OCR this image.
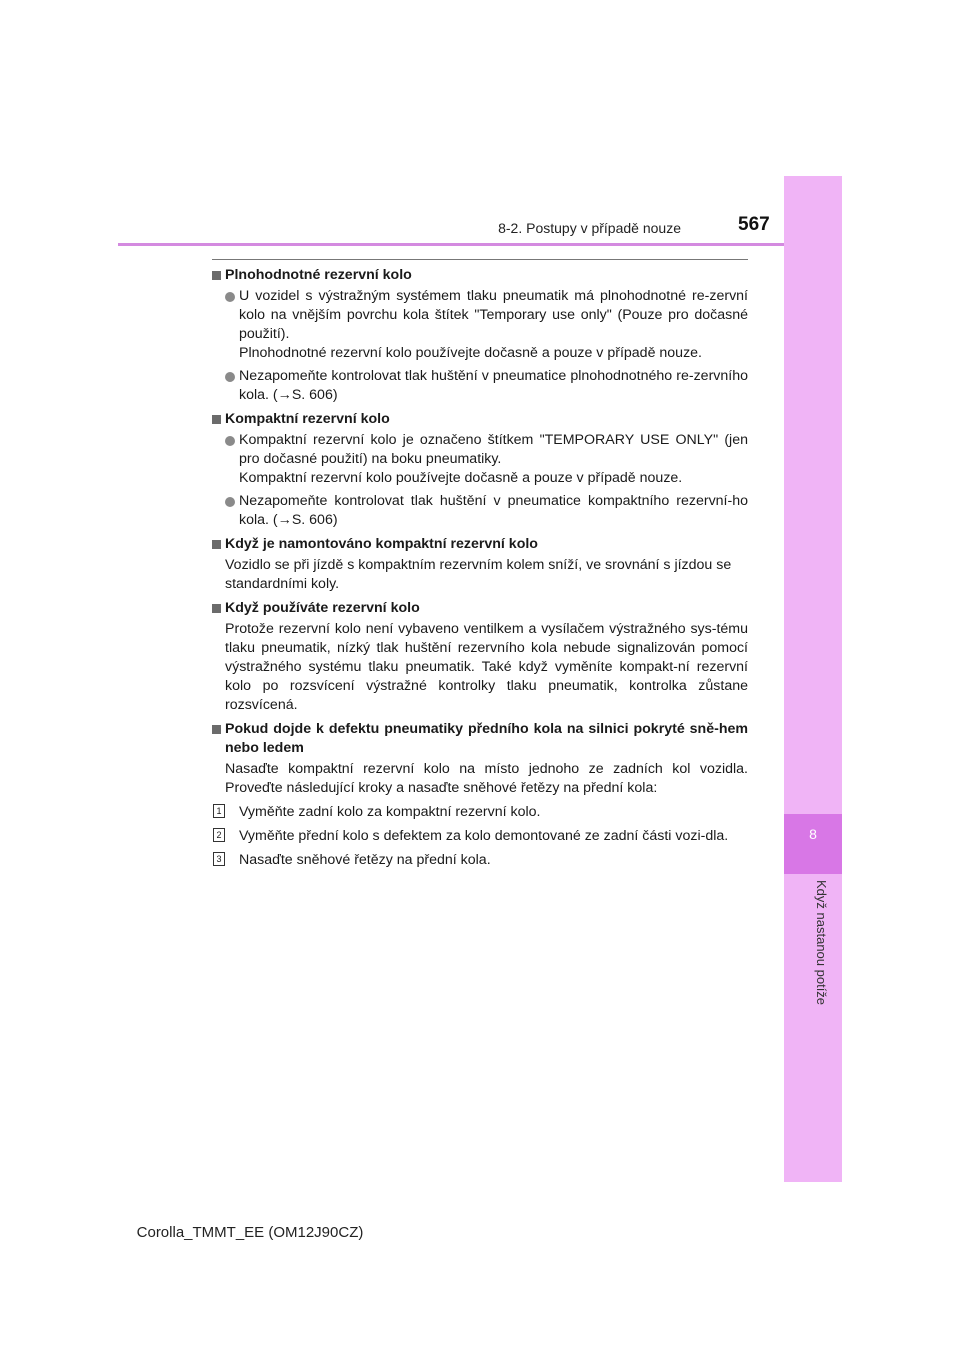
8
Když nastanou potíže
8-2. Postupy v případě nouze	567
Plnohodnotné rezervní kolo
U vozidel s výstražným systémem tlaku pneumatik má plnohodnotné re-zervní kolo na vnějším povrchu kola štítek "Temporary use only" (Pouze pro dočasné použití).
Plnohodnotné rezervní kolo používejte dočasně a pouze v případě nouze.
Nezapomeňte kontrolovat tlak huštění v pneumatice plnohodnotného re-zervního kola. (→S. 606)
Kompaktní rezervní kolo
Kompaktní rezervní kolo je označeno štítkem "TEMPORARY USE ONLY" (jen pro dočasné použití) na boku pneumatiky.
Kompaktní rezervní kolo používejte dočasně a pouze v případě nouze.
Nezapomeňte kontrolovat tlak huštění v pneumatice kompaktního rezervní-ho kola. (→S. 606)
Když je namontováno kompaktní rezervní kolo
Vozidlo se při jízdě s kompaktním rezervním kolem sníží, ve srovnání s jízdou se standardními koly.
Když používáte rezervní kolo
Protože rezervní kolo není vybaveno ventilkem a vysílačem výstražného sys-tému tlaku pneumatik, nízký tlak huštění rezervního kola nebude signalizován pomocí výstražného systému tlaku pneumatik. Také když vyměníte kompakt-ní rezervní kolo po rozsvícení výstražné kontrolky tlaku pneumatik, kontrolka zůstane rozsvícená.
Pokud dojde k defektu pneumatiky předního kola na silnici pokryté sně-hem nebo ledem
Nasaďte kompaktní rezervní kolo na místo jednoho ze zadních kol vozidla. Proveďte následující kroky a nasaďte sněhové řetězy na přední kola:
1 Vyměňte zadní kolo za kompaktní rezervní kolo.
2 Vyměňte přední kolo s defektem za kolo demontované ze zadní části vozi-dla.
3 Nasaďte sněhové řetězy na přední kola.
Corolla_TMMT_EE (OM12J90CZ)
